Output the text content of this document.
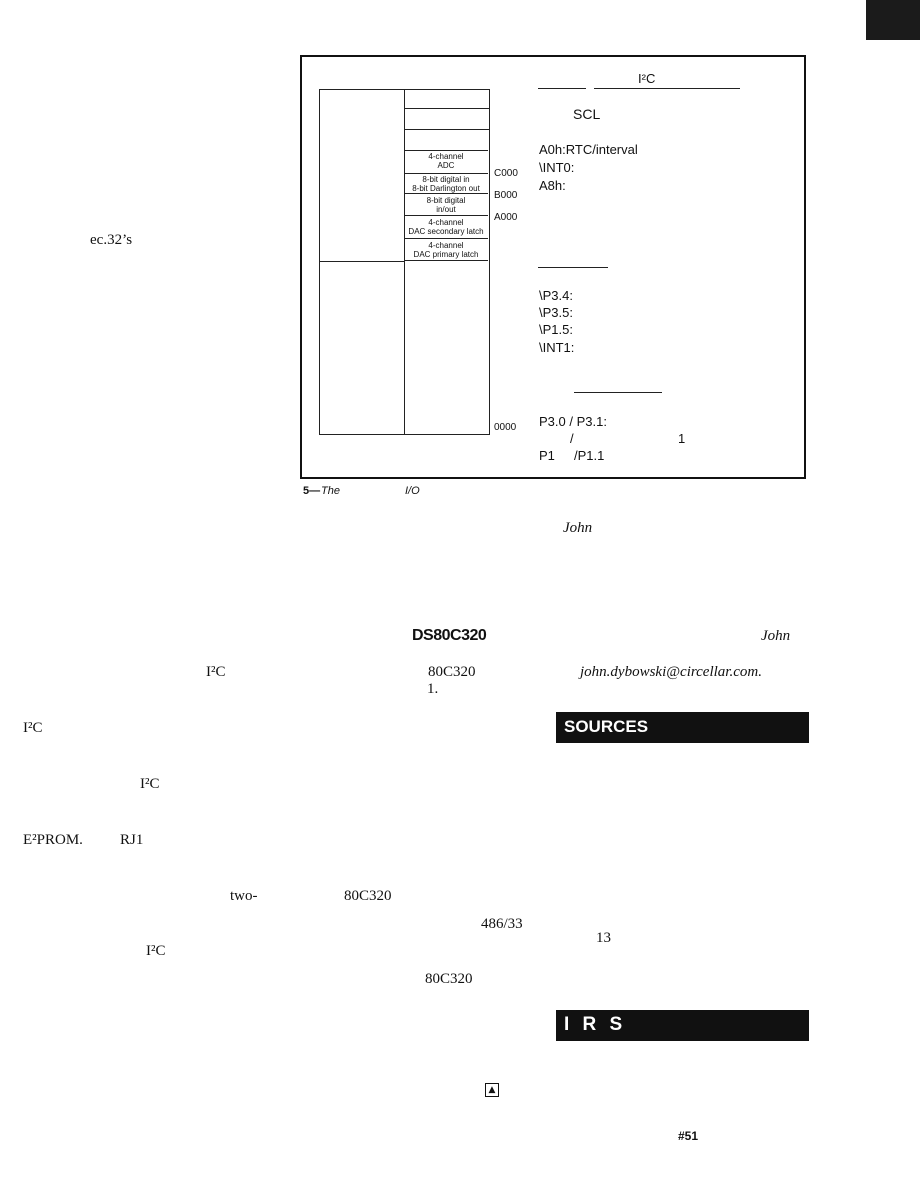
4-channel
ADC
8-bit digital in
8-bit Darlington out
8-bit digital
in/out
4-channel
DAC secondary latch
4-channel
DAC primary latch
C000
B000
A000
0000
I²C
SCL
A0h:RTC/interval
\INT0:
A8h:
\P3.4:
\P3.5:
\P1.5:
\INT1:
P3.0 / P3.1:
/	1
P1 /P1.1
5— The	I/O
ec.32’s
I²C
I²C
I²C
E²PROM. RJ1
two-
I²C
DS80C320
80C320
1.
80C320
486/33
80C320
▲
John
John
john.dybowski@circellar.com.
SOURCES
13
I R S
#51
